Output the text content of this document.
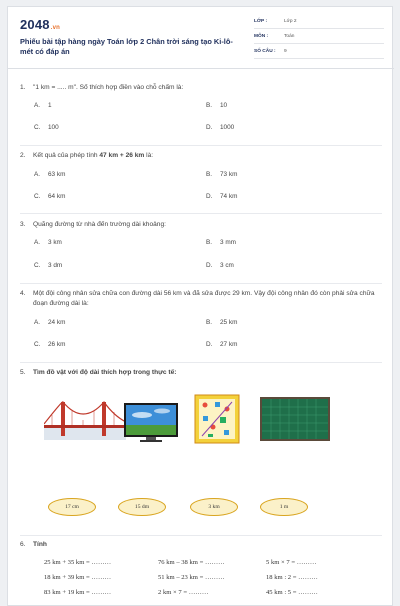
2048.vn
Phiếu bài tập hàng ngày Toán lớp 2 Chân trời sáng tạo Ki-lô-mét có đáp án
LỚP :	Lớp 2
MÔN :	Toán
SỐ CÂU : 9
1. "1 km = ..... m". Số thích hợp điền vào chỗ chấm là:
A. 1	B. 10
C. 100	D. 1000
2. Kết quả của phép tính 47 km + 26 km là:
A. 63 km	B. 73 km
C. 64 km	D. 74 km
3. Quãng đường từ nhà đến trường dài khoảng:
A. 3 km	B. 3 mm
C. 3 dm	D. 3 cm
4. Một đội công nhân sửa chữa con đường dài 56 km và đã sửa được 29 km. Vậy đội công nhân đó còn phải sửa chữa đoạn đường dài là:
A. 24 km	B. 25 km
C. 26 km	D. 27 km
5. Tìm đồ vật với độ dài thích hợp trong thực tế:
17 cm	15 dm	3 km	1 m
6. Tính
25 km + 35 km = ………	76 km – 38 km = ………	5 km × 7 = ………
18 km + 39 km = ………	51 km – 23 km = ………	18 km : 2 = ………
83 km + 19 km = ………	2 km × 7 = ………	45 km : 5 = ………
